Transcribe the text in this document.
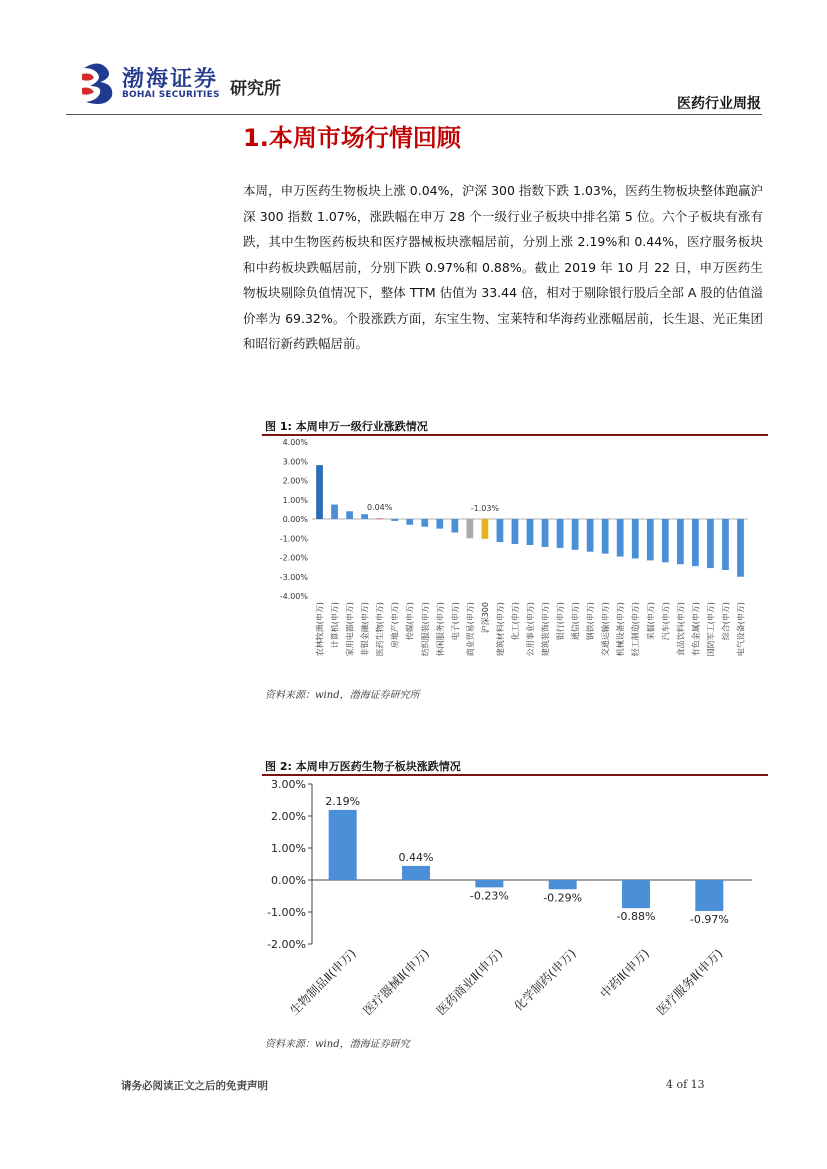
渤海证券
BOHAI SECURITIES 研究所
医药行业周报
1.本周市场行情回顾
本周，申万医药生物板块上涨 0.04%，沪深 300 指数下跌 1.03%，医药生物板块整体跑赢沪深 300 指数 1.07%，涨跌幅在申万 28 个一级行业子板块中排名第 5 位。六个子板块有涨有跌，其中生物医药板块和医疗器械板块涨幅居前，分别上涨 2.19%和 0.44%，医疗服务板块和中药板块跌幅居前，分别下跌 0.97%和 0.88%。截止 2019 年 10 月 22 日，申万医药生物板块剔除负值情况下，整体 TTM 估值为 33.44 倍，相对于剔除银行股后全部 A 股的估值溢价率为 69.32%。个股涨跌方面，东宝生物、宝莱特和华海药业涨幅居前，长生退、光正集团和昭衍新药跌幅居前。
图 1: 本周申万一级行业涨跌情况
4.00%
3.00%
2.00%
1.00%
0.00%
-1.00%
-2.00%
-3.00%
-4.00%
农林牧渔(申万) 计算机(申万) 家用电器(申万) 非银金融(申万) 医药生物(申万) 房地产(申万) 传媒(申万) 纺织服装(申万) 休闲服务(申万) 电子(申万) 商业贸易(申万) 沪深300 建筑材料(申万) 化工(申万) 公用事业(申万) 建筑装饰(申万) 银行(申万) 通信(申万) 钢铁(申万) 交通运输(申万) 机械设备(申万) 轻工制造(申万) 采掘(申万) 汽车(申万) 食品饮料(申万) 有色金属(申万) 国防军工(申万) 综合(申万) 电气设备(申万)
0.04%	-1.03%
资料来源：wind，渤海证券研究所
图 2: 本周申万医药生物子板块涨跌情况
3.00%
2.00%
1.00%
0.00%
-1.00%
-2.00%
2.19%
生物制品Ⅱ(申万)
0.44%
医疗器械Ⅱ(申万)
-0.23%
医药商业Ⅱ(申万)
-0.29%
化学制药(申万)
-0.88%
中药Ⅱ(申万)
-0.97%
医疗服务Ⅱ(申万)
资料来源：wind，渤海证券研究
请务必阅读正文之后的免责声明	4 of 13
